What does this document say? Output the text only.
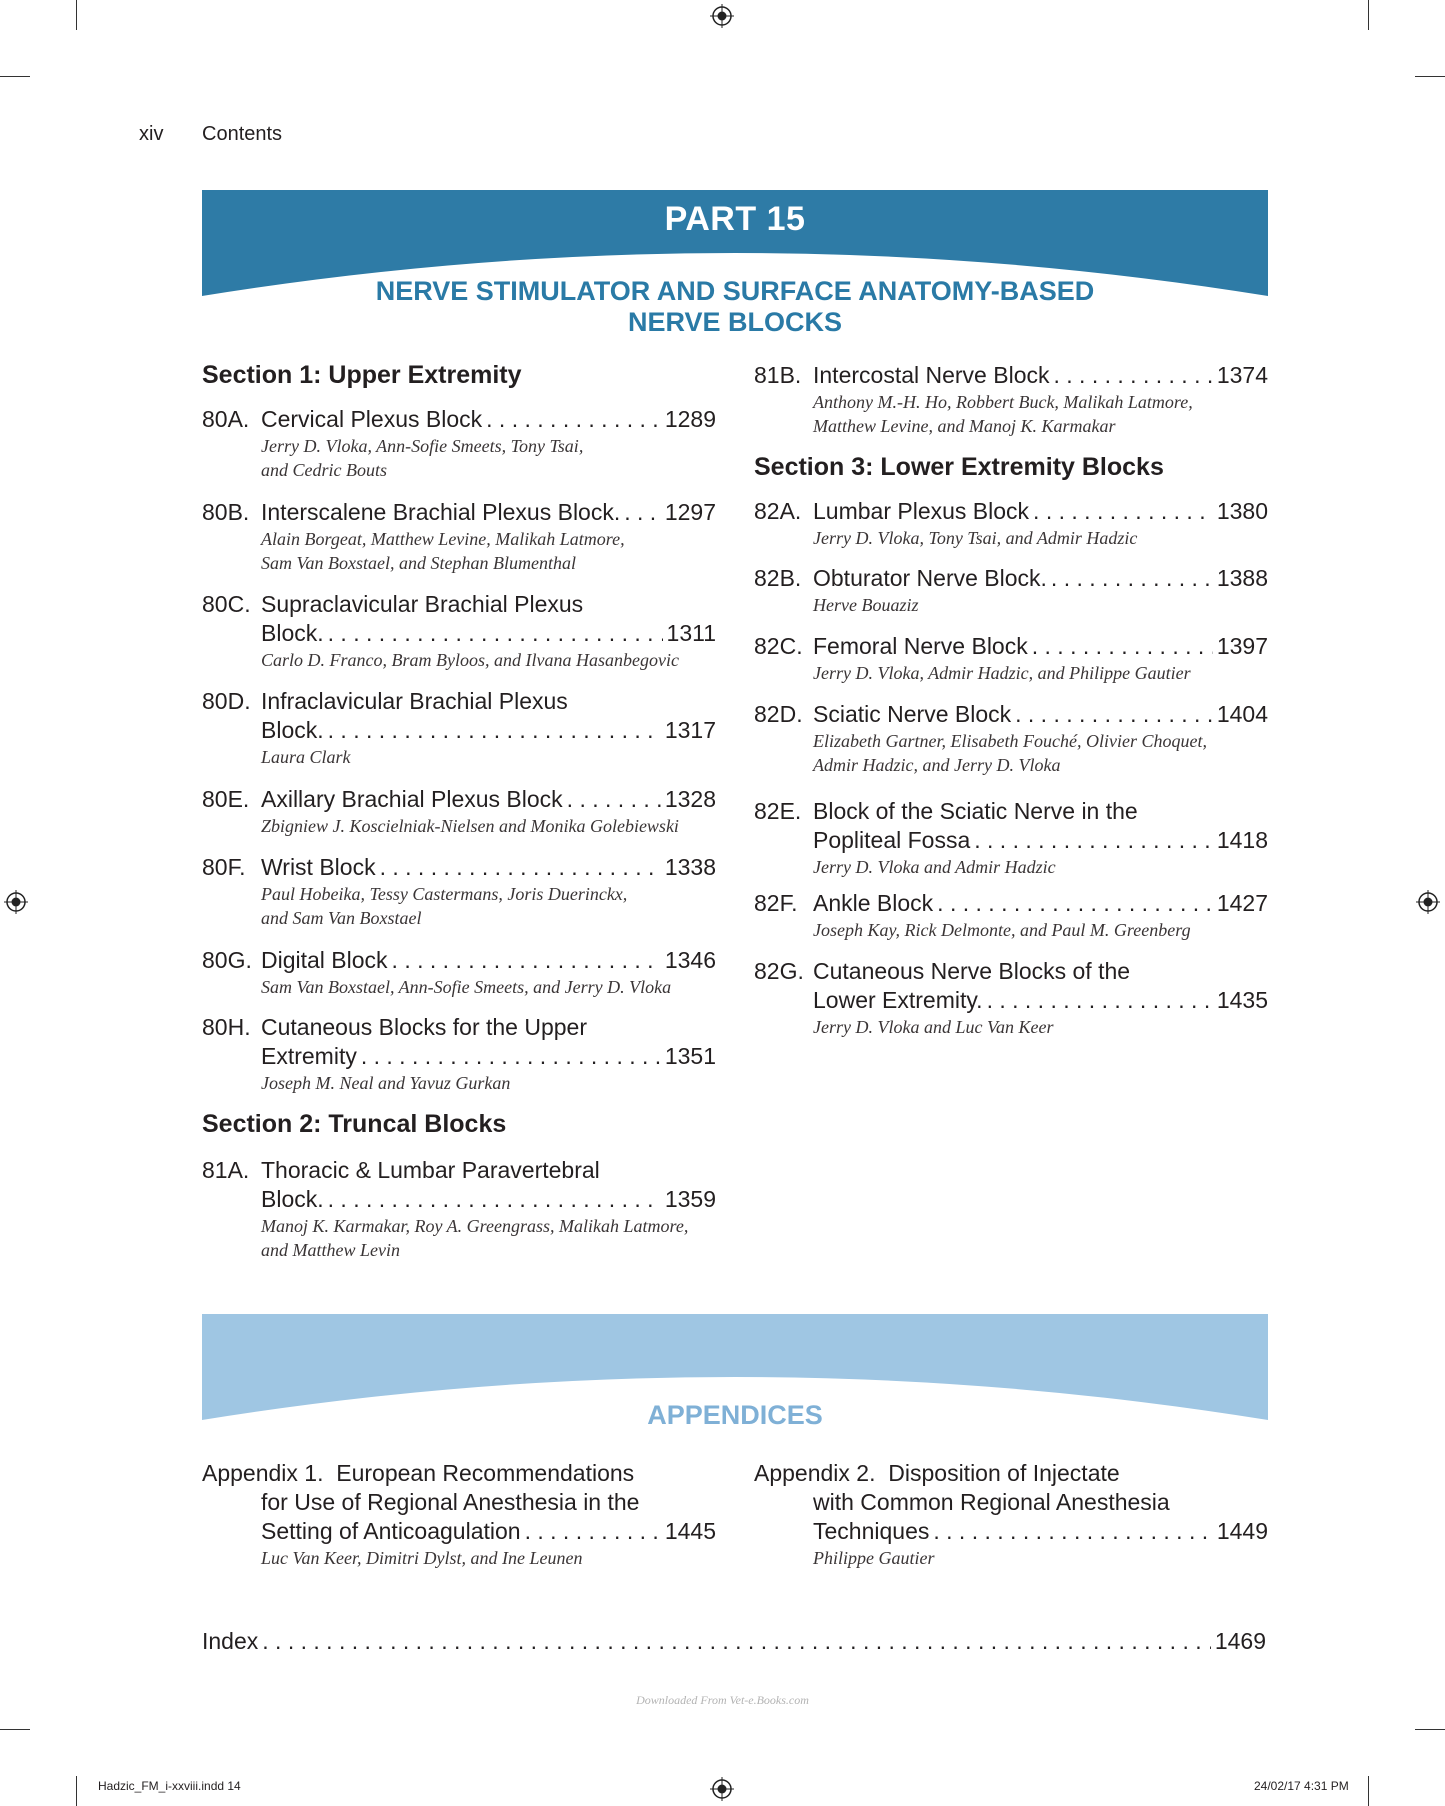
xiv Contents
PART 15
NERVE STIMULATOR AND SURFACE ANATOMY-BASED
NERVE BLOCKS
Section 1: Upper Extremity
Section 2: Truncal Blocks
Section 3: Lower Extremity Blocks
80A. Cervical Plexus Block . . .	1289
Jerry D. Vloka, Ann-Sofie Smeets, Tony Tsai,
and Cedric Bouts
80B. Interscalene Brachial Plexus Block. . . . 1297
Alain Borgeat, Matthew Levine, Malikah Latmore,
Sam Van Boxstael, and Stephan Blumenthal
80C. Supraclavicular Brachial Plexus
Block. . . .	1311
Carlo D. Franco, Bram Byloos, and Ilvana Hasanbegovic
80D. Infraclavicular Brachial Plexus
Block. . . .	1317
Laura Clark
80E. Axillary Brachial Plexus Block . . .	1328
Zbigniew J. Koscielniak-Nielsen and Monika Golebiewski
80F. Wrist Block . . .	1338
Paul Hobeika, Tessy Castermans, Joris Duerinckx,
and Sam Van Boxstael
80G. Digital Block . . .	1346
Sam Van Boxstael, Ann-Sofie Smeets, and Jerry D. Vloka
80H. Cutaneous Blocks for the Upper
Extremity . . .	1351
Joseph M. Neal and Yavuz Gurkan
81A. Thoracic & Lumbar Paravertebral
Block. . . .	1359
Manoj K. Karmakar, Roy A. Greengrass, Malikah Latmore,
and Matthew Levin
81B. Intercostal Nerve Block . . .	1374
Anthony M.-H. Ho, Robbert Buck, Malikah Latmore,
Matthew Levine, and Manoj K. Karmakar
82A. Lumbar Plexus Block . . .	1380
Jerry D. Vloka, Tony Tsai, and Admir Hadzic
82B. Obturator Nerve Block. . . .	1388
Herve Bouaziz
82C. Femoral Nerve Block . . .	1397
Jerry D. Vloka, Admir Hadzic, and Philippe Gautier
82D. Sciatic Nerve Block . . .	1404
Elizabeth Gartner, Elisabeth Fouché, Olivier Choquet,
Admir Hadzic, and Jerry D. Vloka
82E. Block of the Sciatic Nerve in the
Popliteal Fossa . . .	1418
Jerry D. Vloka and Admir Hadzic
82F. Ankle Block . . .	1427
Joseph Kay, Rick Delmonte, and Paul M. Greenberg
82G. Cutaneous Nerve Blocks of the
Lower Extremity. . . .	1435
Jerry D. Vloka and Luc Van Keer
APPENDICES
Appendix 1.  European Recommendations
for Use of Regional Anesthesia in the
Setting of Anticoagulation . . .	1445
Luc Van Keer, Dimitri Dylst, and Ine Leunen
Appendix 2.  Disposition of Injectate
with Common Regional Anesthesia
Techniques . . .	1449
Philippe Gautier
Index . . .	1469
Downloaded From Vet-e.Books.com
Hadzic_FM_i-xxviii.indd 14	24/02/17 4:31 PM
